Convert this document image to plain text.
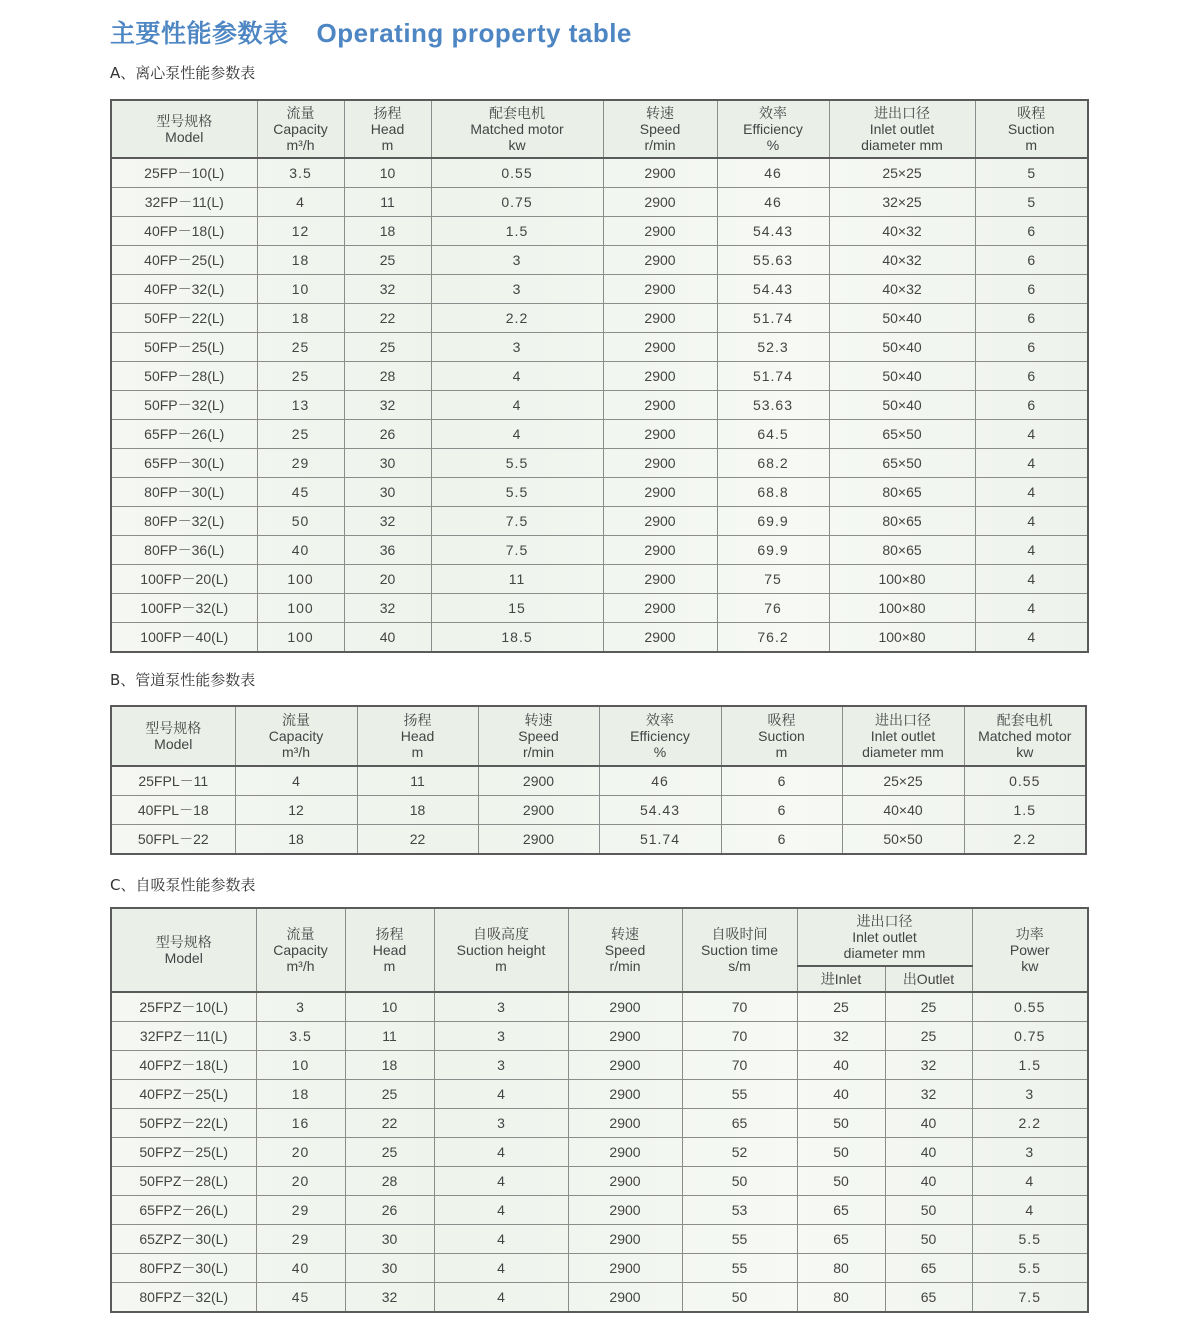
主要性能参数表 Operating property table
A、离心泵性能参数表
型号规格
Model	流量
Capacity
m³/h	扬程
Head
m	配套电机
Matched motor
kw	转速
Speed
r/min	效率
Efficiency
%	进出口径
Inlet outlet
diameter mm	吸程
Suction
m

25FP－10(L)	3.5	10	0.55	2900	46	25×25	5
32FP－11(L)	4	11	0.75	2900	46	32×25	5
40FP－18(L)	12	18	1.5	2900	54.43	40×32	6
40FP－25(L)	18	25	3	2900	55.63	40×32	6
40FP－32(L)	10	32	3	2900	54.43	40×32	6
50FP－22(L)	18	22	2.2	2900	51.74	50×40	6
50FP－25(L)	25	25	3	2900	52.3	50×40	6
50FP－28(L)	25	28	4	2900	51.74	50×40	6
50FP－32(L)	13	32	4	2900	53.63	50×40	6
65FP－26(L)	25	26	4	2900	64.5	65×50	4
65FP－30(L)	29	30	5.5	2900	68.2	65×50	4
80FP－30(L)	45	30	5.5	2900	68.8	80×65	4
80FP－32(L)	50	32	7.5	2900	69.9	80×65	4
80FP－36(L)	40	36	7.5	2900	69.9	80×65	4
100FP－20(L)	100	20	11	2900	75	100×80	4
100FP－32(L)	100	32	15	2900	76	100×80	4
100FP－40(L)	100	40	18.5	2900	76.2	100×80	4
B、管道泵性能参数表
型号规格
Model	流量
Capacity
m³/h	扬程
Head
m	转速
Speed
r/min	效率
Efficiency
%	吸程
Suction
m	进出口径
Inlet outlet
diameter mm	配套电机
Matched motor
kw

25FPL－11	4	11	2900	46	6	25×25	0.55
40FPL－18	12	18	2900	54.43	6	40×40	1.5
50FPL－22	18	22	2900	51.74	6	50×50	2.2
C、自吸泵性能参数表
型号规格
Model	流量
Capacity
m³/h	扬程
Head
m	自吸高度
Suction height
m	转速
Speed
r/min	自吸时间
Suction time
s/m	进出口径
Inlet outlet
diameter mm		功率
Power
kw

						进Inlet	出Outlet	
25FPZ－10(L)	3	10	3	2900	70	25	25	0.55
32FPZ－11(L)	3.5	11	3	2900	70	32	25	0.75
40FPZ－18(L)	10	18	3	2900	70	40	32	1.5
40FPZ－25(L)	18	25	4	2900	55	40	32	3
50FPZ－22(L)	16	22	3	2900	65	50	40	2.2
50FPZ－25(L)	20	25	4	2900	52	50	40	3
50FPZ－28(L)	20	28	4	2900	50	50	40	4
65FPZ－26(L)	29	26	4	2900	53	65	50	4
65ZPZ－30(L)	29	30	4	2900	55	65	50	5.5
80FPZ－30(L)	40	30	4	2900	55	80	65	5.5
80FPZ－32(L)	45	32	4	2900	50	80	65	7.5
